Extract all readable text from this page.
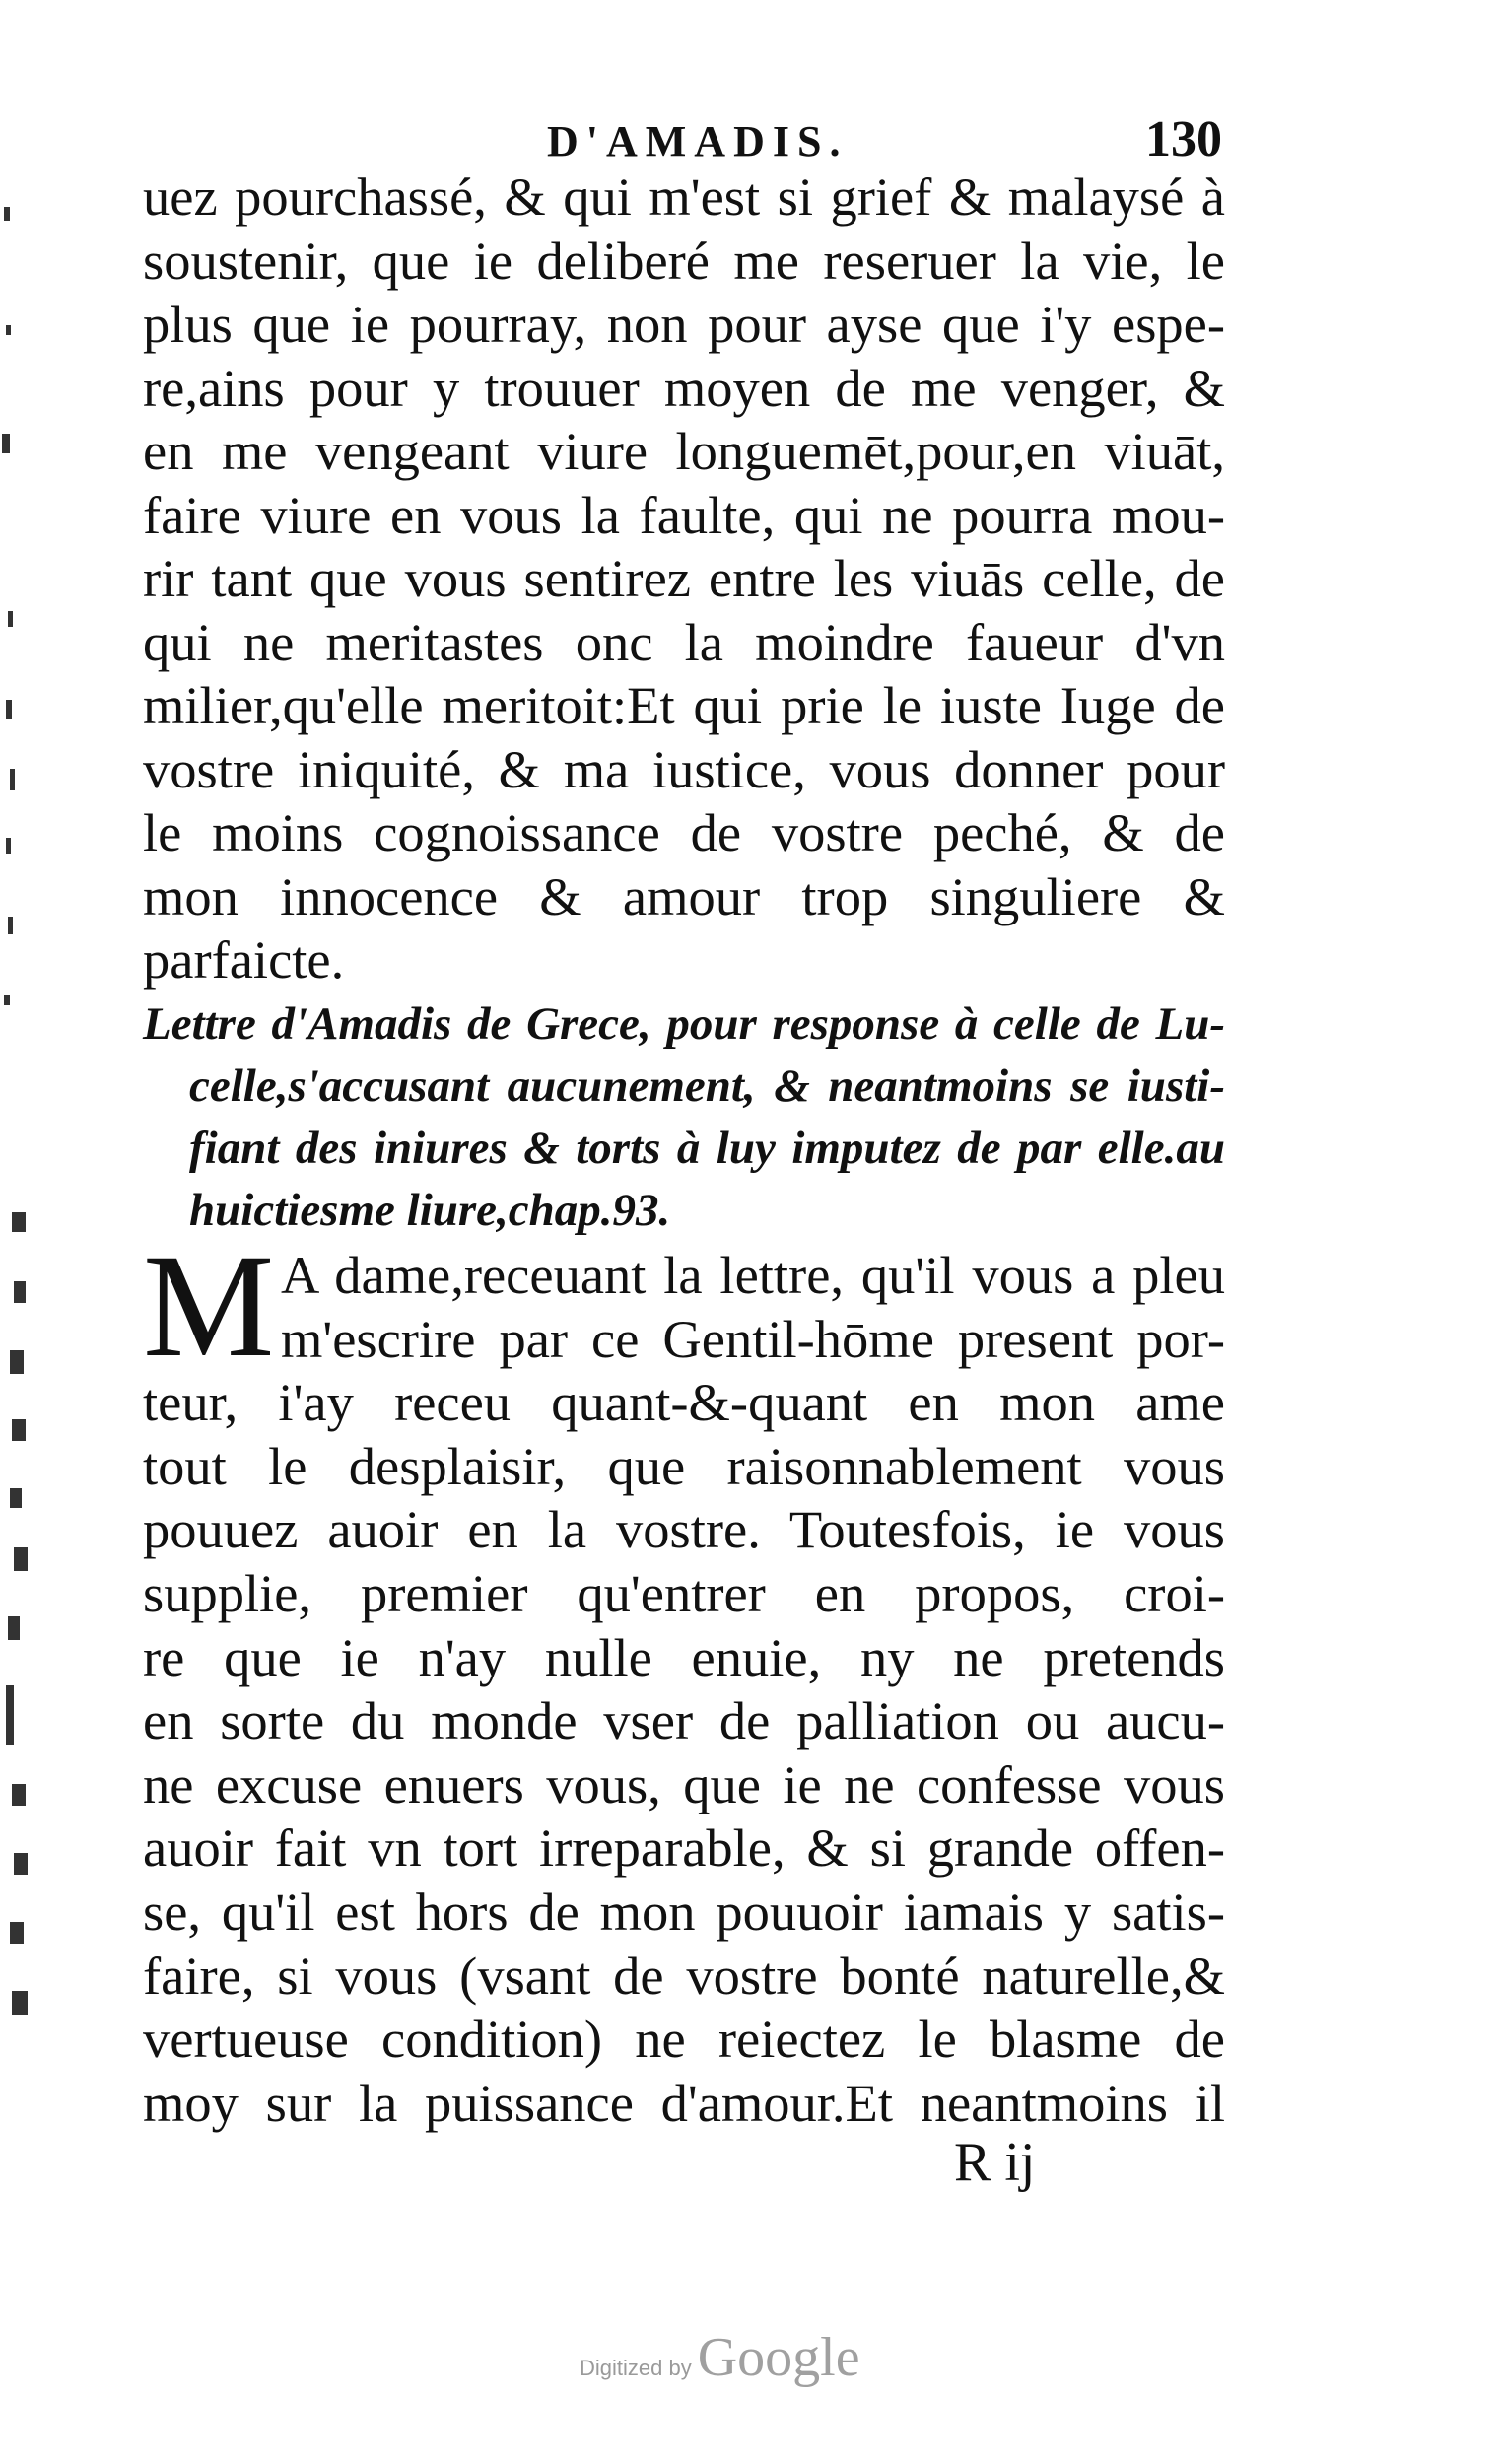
D'AMADIS.	130
uez pourchassé, & qui m'est si grief & malaysé à
soustenir, que ie deliberé me reseruer la vie, le
plus que ie pourray, non pour ayse que i'y espe-
re,ains pour y trouuer moyen de me venger, &
en me vengeant viure longuemēt,pour,en viuāt,
faire viure en vous la faulte, qui ne pourra mou-
rir tant que vous sentirez entre les viuās celle, de
qui ne meritastes onc la moindre faueur d'vn
milier,qu'elle meritoit:Et qui prie le iuste Iuge de
vostre iniquité, & ma iustice, vous donner pour
le moins cognoissance de vostre peché, & de
mon innocence & amour trop singuliere &
parfaicte.
Lettre d'Amadis de Grece, pour response à celle de Lu-
celle,s'accusant aucunement, & neantmoins se iusti-
fiant des iniures & torts à luy imputez de par elle.au
huictiesme liure,chap.93.
M A dame,receuant la lettre, qu'il vous a pleu
m'escrire par ce Gentil-hōme present por-
teur, i'ay receu quant-&-quant en mon ame
tout le desplaisir, que raisonnablement vous
pouuez auoir en la vostre. Toutesfois, ie vous
supplie, premier qu'entrer en propos, croi-
re que ie n'ay nulle enuie, ny ne pretends
en sorte du monde vser de palliation ou aucu-
ne excuse enuers vous, que ie ne confesse vous
auoir fait vn tort irreparable, & si grande offen-
se, qu'il est hors de mon pouuoir iamais y satis-
faire, si vous (vsant de vostre bonté naturelle,&
vertueuse condition) ne reiectez le blasme de
moy sur la puissance d'amour.Et neantmoins il
R ij
Digitized by Google
